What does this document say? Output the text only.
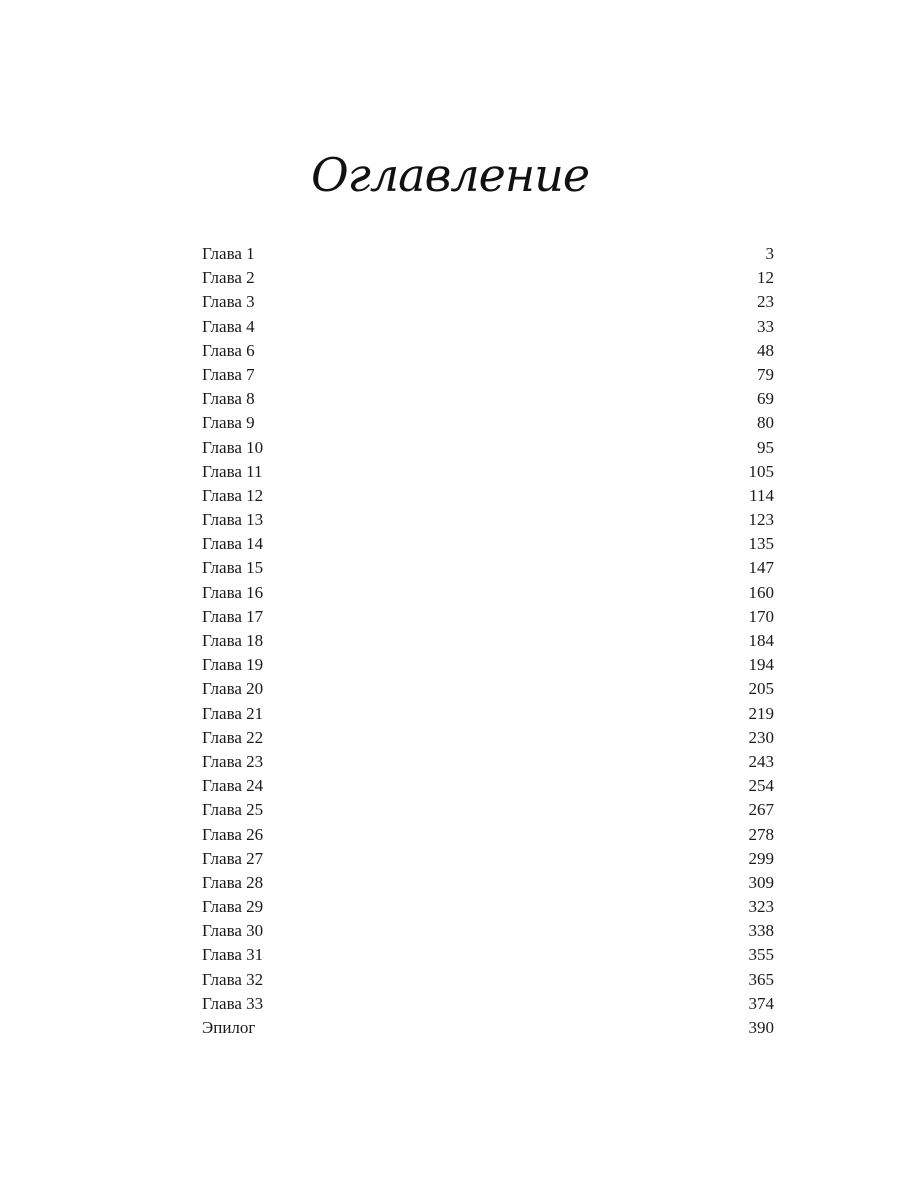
Оглавление
Глава 1	3
Глава 2	12
Глава 3	23
Глава 4	33
Глава 6	48
Глава 7	79
Глава 8	69
Глава 9	80
Глава 10	95
Глава 11	105
Глава 12	114
Глава 13	123
Глава 14	135
Глава 15	147
Глава 16	160
Глава 17	170
Глава 18	184
Глава 19	194
Глава 20	205
Глава 21	219
Глава 22	230
Глава 23	243
Глава 24	254
Глава 25	267
Глава 26	278
Глава 27	299
Глава 28	309
Глава 29	323
Глава 30	338
Глава 31	355
Глава 32	365
Глава 33	374
Эпилог	390
